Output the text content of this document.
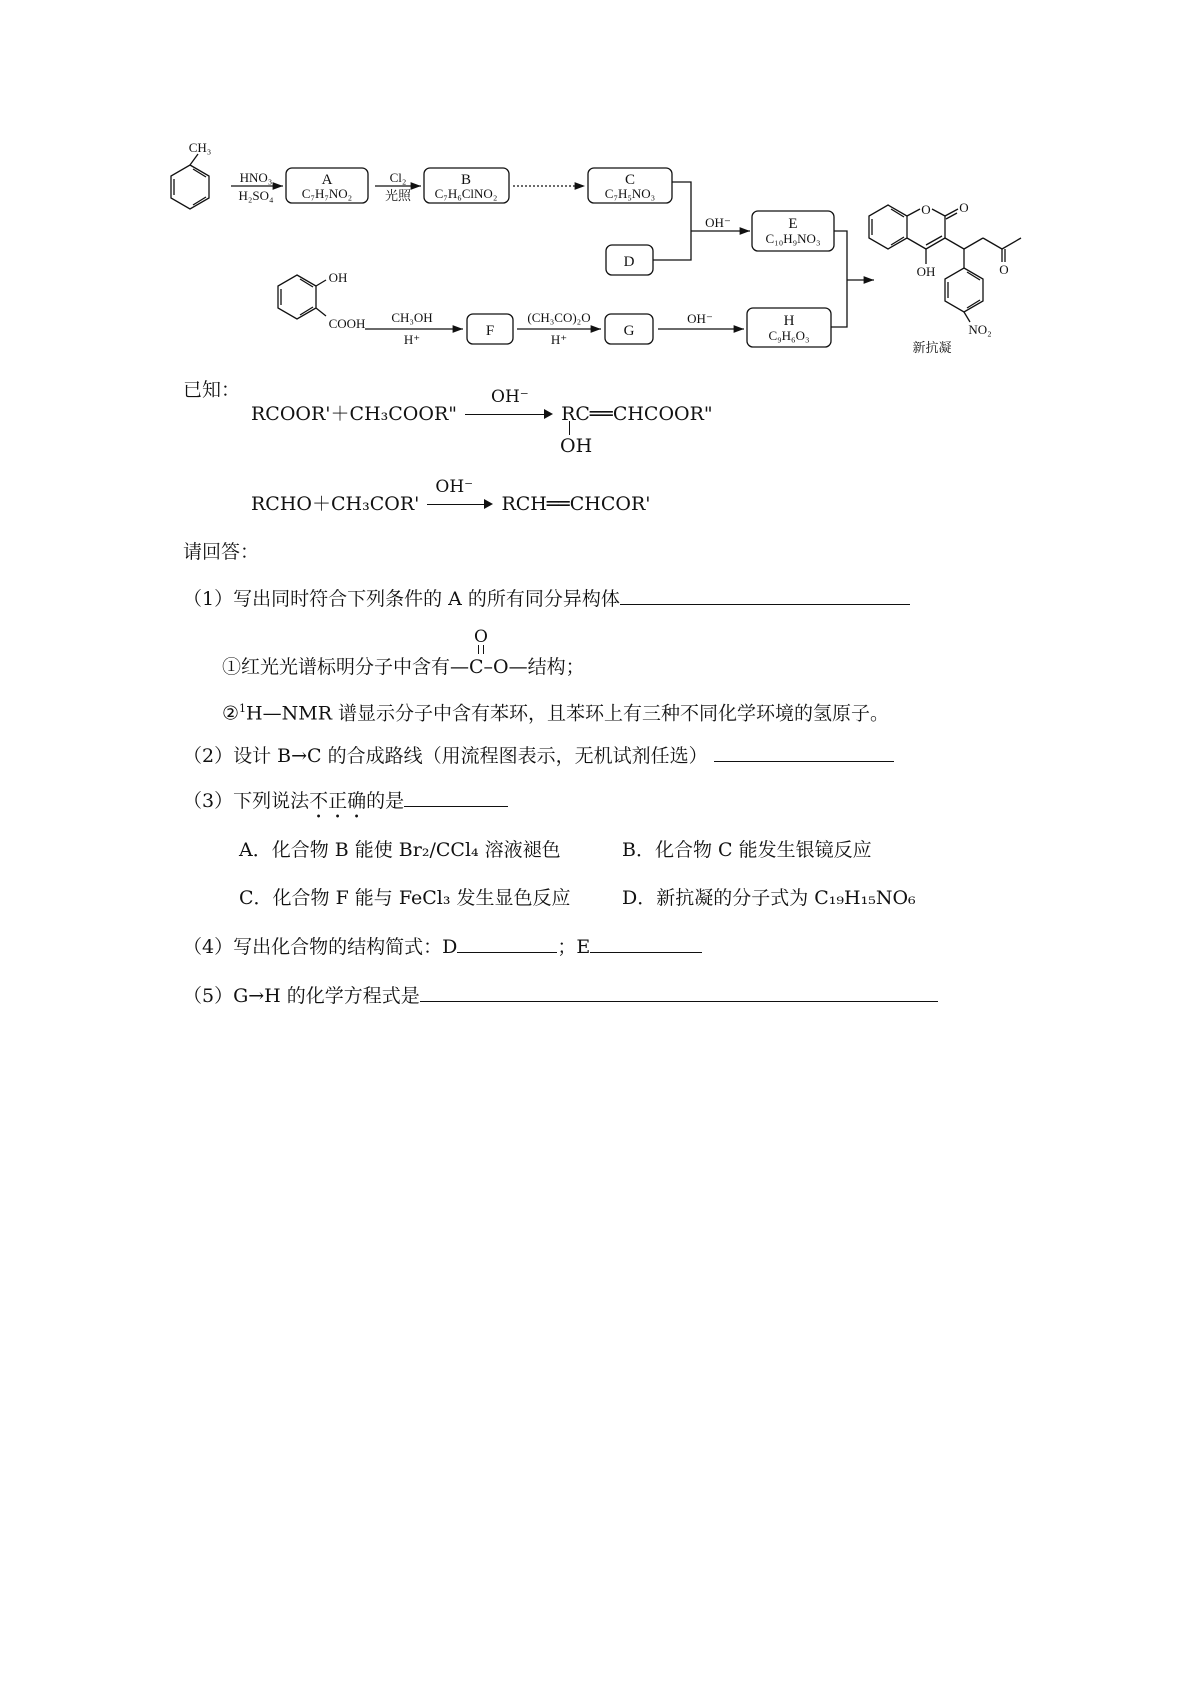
CH₃
HNO₃
H₂SO₄
A
C₇H₇NO₂
Cl₂
光照
B
C₇H₆ClNO₂
C
C₇H₅NO₃
D
OH⁻	E
C₁₀H₉NO₃
OH
COOH CH₃OH
H⁺
F
(CH₃CO)₂O
H⁺
G
OH⁻	H
C₉H₆O₃
O O
OH	O
NO₂
新抗凝
已知：
RCOOR'＋CH₃COOR"
OH⁻
RC══CHCOOR"
OH
RCHO＋CH₃COR'
OH⁻
RCH══CHCOR'
请回答：
（1）写出同时符合下列条件的 A 的所有同分异构体
①红光光谱标明分子中含有—C–O—
O
结构；
②$^1$H—NMR 谱显示分子中含有苯环，且苯环上有三种不同化学环境的氢原子。
（2）设计 B→C 的合成路线（用流程图表示，无机试剂任选）
（3）下列说法不正确的是
A．化合物 B 能使 Br₂/CCl₄ 溶液褪色	B．化合物 C 能发生银镜反应
C．化合物 F 能与 FeCl₃ 发生显色反应	D．新抗凝的分子式为 C₁₉H₁₅NO₆
（4）写出化合物的结构简式：D	；E
（5）G→H 的化学方程式是
